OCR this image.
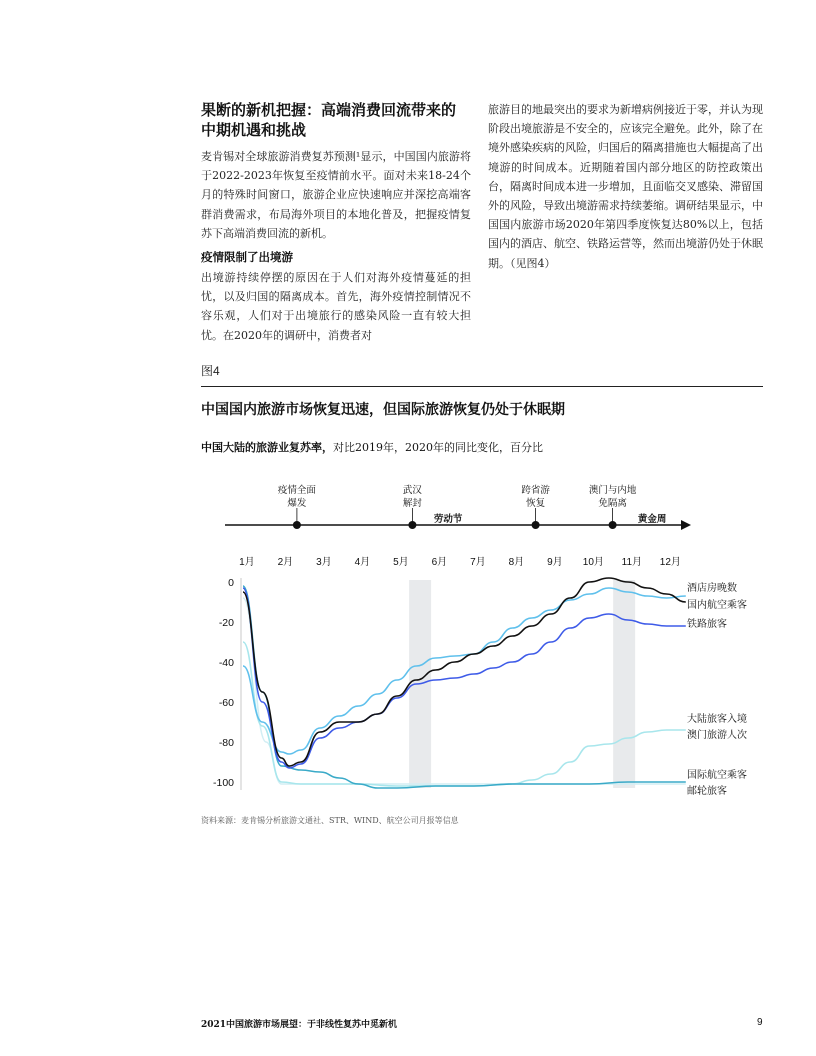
果断的新机把握：高端消费回流带来的
中期机遇和挑战

麦肯锡对全球旅游消费复苏预测¹显示，中国国内旅游将于2022-2023年恢复至疫情前水平。面对未来18-24个月的特殊时间窗口，旅游企业应快速响应并深挖高端客群消费需求，布局海外项目的本地化普及，把握疫情复苏下高端消费回流的新机。

疫情限制了出境游

出境游持续停摆的原因在于人们对海外疫情蔓延的担忧，以及归国的隔离成本。首先，海外疫情控制情况不容乐观，人们对于出境旅行的感染风险一直有较大担忧。在2020年的调研中，消费者对

旅游目的地最突出的要求为新增病例接近于零，并认为现阶段出境旅游是不安全的，应该完全避免。此外，除了在境外感染疾病的风险，归国后的隔离措施也大幅提高了出境游的时间成本。近期随着国内部分地区的防控政策出台，隔离时间成本进一步增加，且面临交叉感染、滞留国外的风险，导致出境游需求持续萎缩。调研结果显示，中国国内旅游市场2020年第四季度恢复达80%以上，包括国内的酒店、航空、铁路运营等，然而出境游仍处于休眠期。（见图4）

图4
中国国内旅游市场恢复迅速，但国际旅游恢复仍处于休眠期
中国大陆的旅游业复苏率，对比2019年，2020年的同比变化，百分比
疫情全面
爆发
武汉
解封
跨省游
恢复
澳门与内地
免隔离
劳动节	黄金周
1月 2月 3月 4月 5月 6月 7月 8月 9月 10月 11月 12月
0
-20
-40
-60
-80
-100
酒店房晚数
国内航空乘客
铁路旅客
大陆旅客入境
澳门旅游人次
国际航空乘客
邮轮旅客
资料来源：麦肯锡分析旅游文通社、STR、WIND、航空公司月报等信息
2021中国旅游市场展望：于非线性复苏中觅新机	9
